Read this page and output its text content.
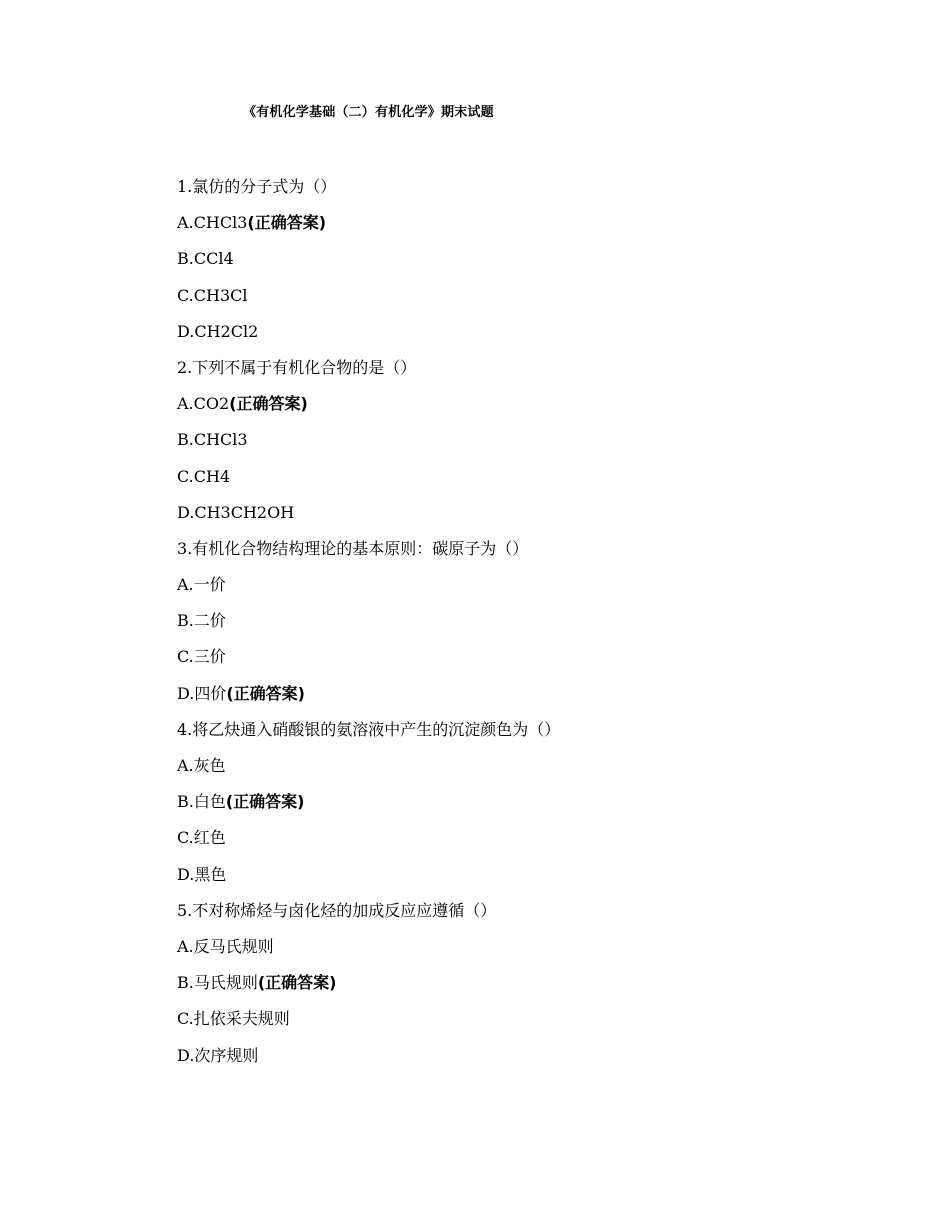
《有机化学基础（二）有机化学》期末试题
1.氯仿的分子式为（）
A.CHCl3(正确答案)
B.CCl4
C.CH3Cl
D.CH2Cl2
2.下列不属于有机化合物的是（）
A.CO2(正确答案)
B.CHCl3
C.CH4
D.CH3CH2OH
3.有机化合物结构理论的基本原则：碳原子为（）
A.一价
B.二价
C.三价
D.四价(正确答案)
4.将乙炔通入硝酸银的氨溶液中产生的沉淀颜色为（）
A.灰色
B.白色(正确答案)
C.红色
D.黑色
5.不对称烯烃与卤化烃的加成反应应遵循（）
A.反马氏规则
B.马氏规则(正确答案)
C.扎依采夫规则
D.次序规则
